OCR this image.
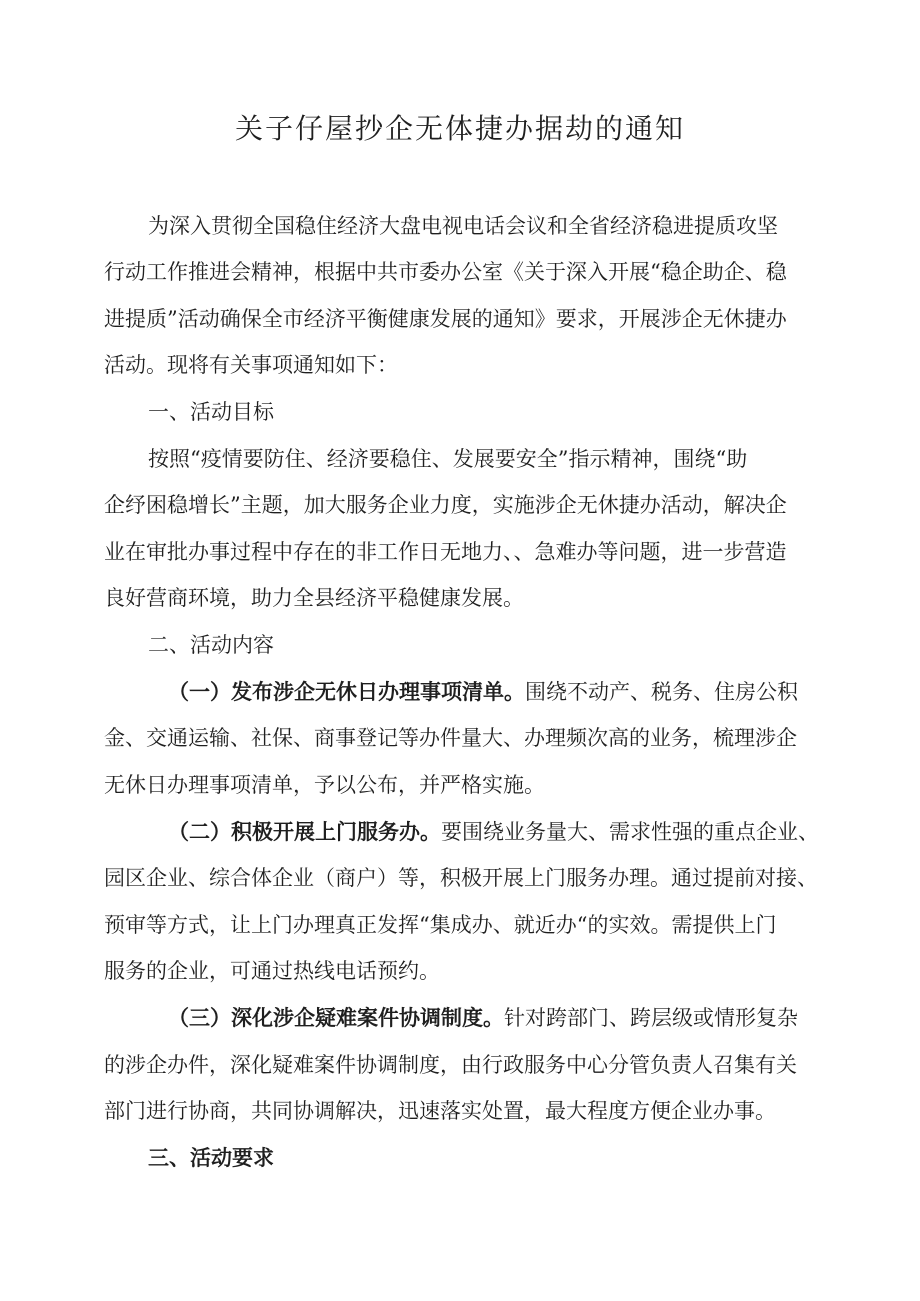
关子仔屋抄企无体捷办据劫的通知
为深入贯彻全国稳住经济大盘电视电话会议和全省经济稳进提质攻坚
行动工作推进会精神，根据中共市委办公室《关于深入开展“稳企助企、稳
进提质”活动确保全市经济平衡健康发展的通知》要求，开展涉企无休捷办
活动。现将有关事项通知如下：
一、活动目标
按照“疫情要防住、经济要稳住、发展要安全”指示精神，围绕“助
企纾困稳增长”主题，加大服务企业力度，实施涉企无休捷办活动，解决企
业在审批办事过程中存在的非工作日无地力、、急难办等问题，进一步营造
良好营商环境，助力全县经济平稳健康发展。
二、活动内容
（一）发布涉企无休日办理事项清单。围绕不动产、税务、住房公积
金、交通运输、社保、商事登记等办件量大、办理频次高的业务，梳理涉企
无休日办理事项清单，予以公布，并严格实施。
（二）积极开展上门服务办。要围绕业务量大、需求性强的重点企业、
园区企业、综合体企业（商户）等，积极开展上门服务办理。通过提前对接、
预审等方式，让上门办理真正发挥“集成办、就近办“的实效。需提供上门
服务的企业，可通过热线电话预约。
（三）深化涉企疑难案件协调制度。针对跨部门、跨层级或情形复杂
的涉企办件，深化疑难案件协调制度，由行政服务中心分管负责人召集有关
部门进行协商，共同协调解决，迅速落实处置，最大程度方便企业办事。
三、活动要求
